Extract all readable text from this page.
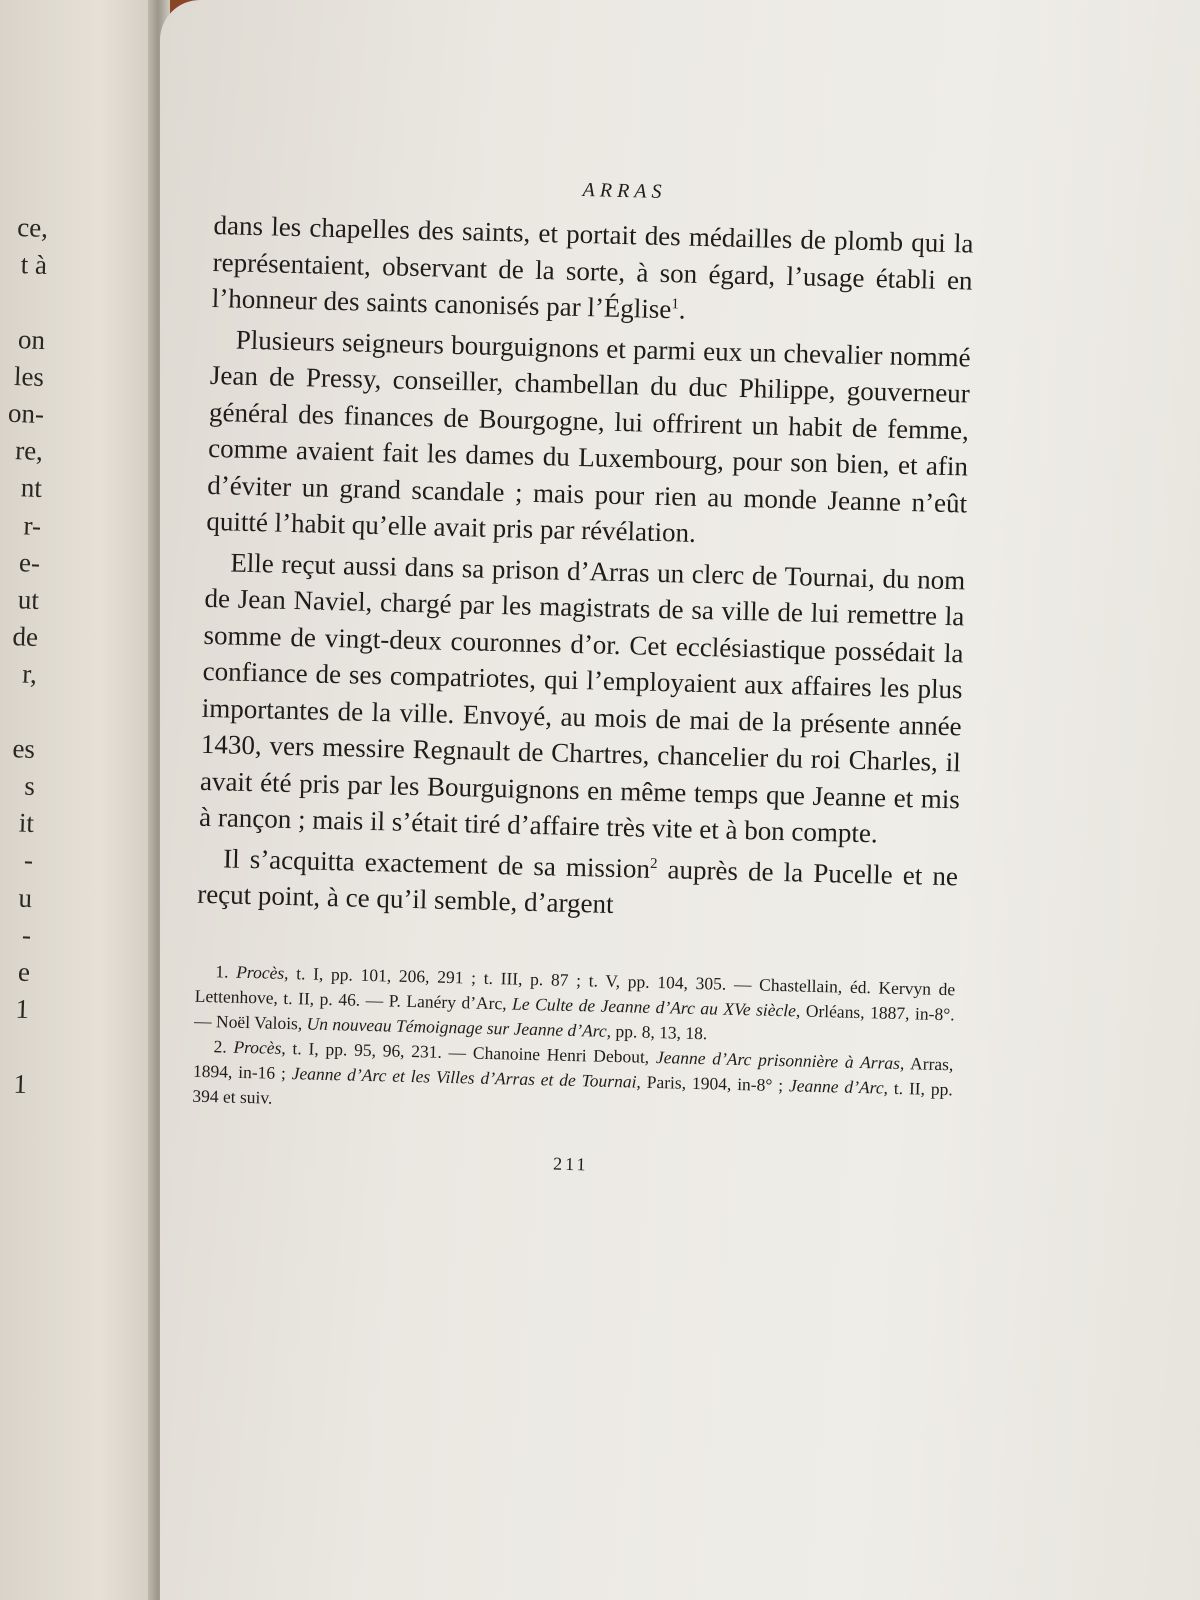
ce,
t à
on
les
on-
re,
nt
r-
e-
ut
de
r,
es
s
it
-
u
-
e
1
1
ARRAS

dans les chapelles des saints, et portait des médailles de plomb qui la représentaient, observant de la sorte, à son égard, l’usage établi en l’honneur des saints canonisés par l’Église$^1$.

Plusieurs seigneurs bourguignons et parmi eux un chevalier nommé Jean de Pressy, conseiller, chambellan du duc Philippe, gouverneur général des finances de Bourgogne, lui offrirent un habit de femme, comme avaient fait les dames du Luxembourg, pour son bien, et afin d’éviter un grand scandale ; mais pour rien au monde Jeanne n’eût quitté l’habit qu’elle avait pris par révélation.

Elle reçut aussi dans sa prison d’Arras un clerc de Tournai, du nom de Jean Naviel, chargé par les magistrats de sa ville de lui remettre la somme de vingt-deux couronnes d’or. Cet ecclésiastique possédait la confiance de ses compatriotes, qui l’employaient aux affaires les plus importantes de la ville. Envoyé, au mois de mai de la présente année 1430, vers messire Regnault de Chartres, chancelier du roi Charles, il avait été pris par les Bourguignons en même temps que Jeanne et mis à rançon ; mais il s’était tiré d’affaire très vite et à bon compte.

Il s’acquitta exactement de sa mission$^2$ auprès de la Pucelle et ne reçut point, à ce qu’il semble, d’argent

1. Procès, t. I, pp. 101, 206, 291 ; t. III, p. 87 ; t. V, pp. 104, 305. — Chastellain, éd. Kervyn de Lettenhove, t. II, p. 46. — P. Lanéry d’Arc, Le Culte de Jeanne d’Arc au XVe siècle, Orléans, 1887, in-8°. — Noël Valois, Un nouveau Témoignage sur Jeanne d’Arc, pp. 8, 13, 18.

2. Procès, t. I, pp. 95, 96, 231. — Chanoine Henri Debout, Jeanne d’Arc prisonnière à Arras, Arras, 1894, in-16 ; Jeanne d’Arc et les Villes d’Arras et de Tournai, Paris, 1904, in-8° ; Jeanne d’Arc, t. II, pp. 394 et suiv.

211
